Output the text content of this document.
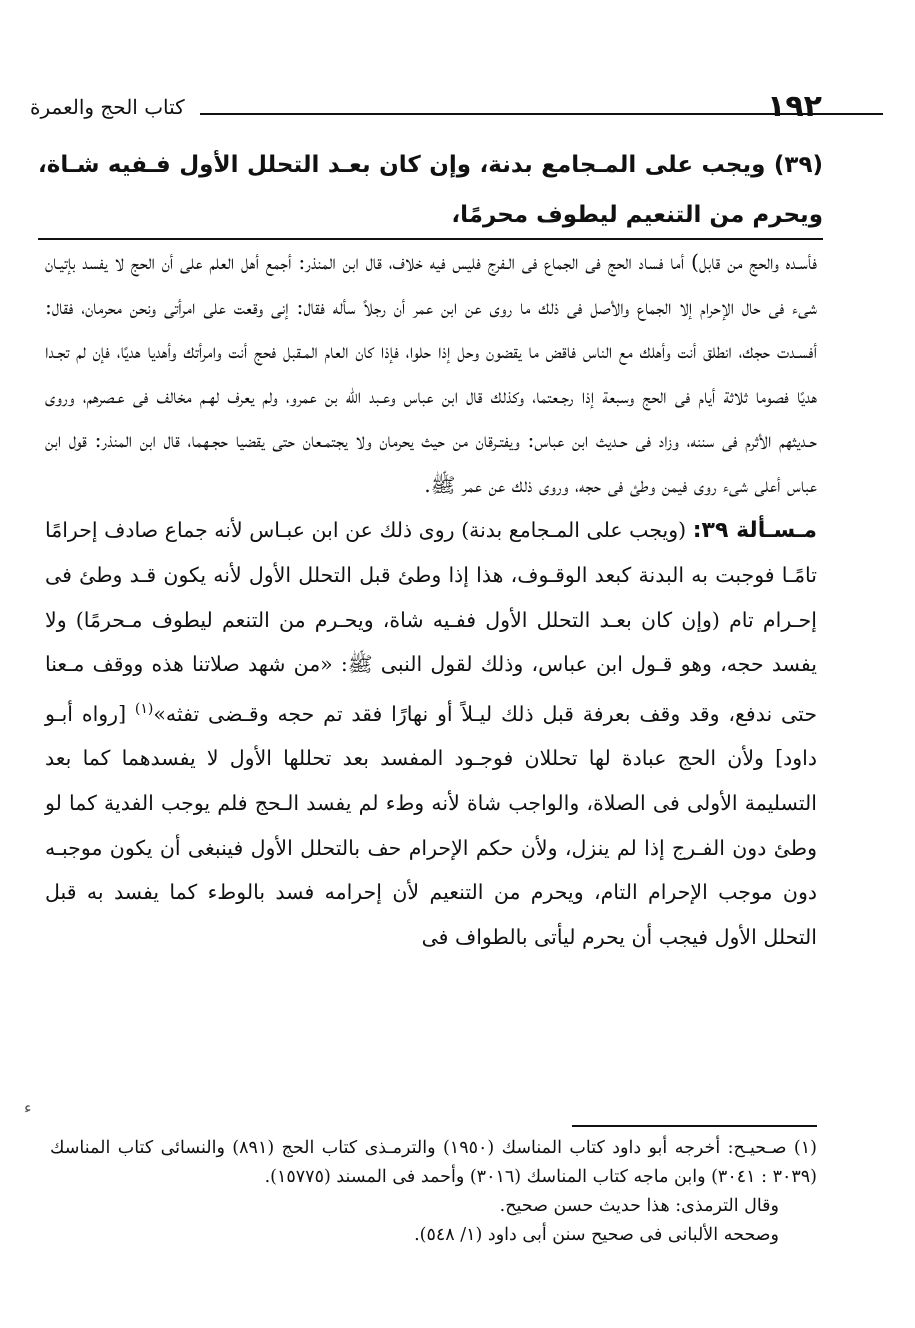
١٩٢
كتاب الحج والعمرة
(٣٩) ويجب على المـجامع بدنة، وإن كان بعـد التحلل الأول فـفيه شـاة، ويحرم من التنعيم ليطوف محرمًا،

فأسـده والحج من قابل) أما فساد الحج فى الجماع فى الـفرج فليس فيه خلاف، قال ابن المنذر: أجمع أهل العلم على أن الحج لا يفسد بإتيـان شىء فى حال الإحرام إلا الجماع والأصل فى ذلك ما روى عن ابن عمر أن رجلاً سأله فقال: إنى وقعت على امرأتى ونحن محرمان، فقال: أفسـدت حجك، انطلق أنت وأهلك مع الناس فاقض ما يقضون وحل إذا حلوا، فإذا كان العام المـقبل فحج أنت وامرأتك وأهديا هديًا، فإن لم تجـدا هديًا فصوما ثلاثة أيام فى الحج وسبعة إذا رجـعتما، وكذلك قال ابن عباس وعـبد الله بن عمرو، ولم يعرف لهـم مخالف فى عـصرهم، وروى حـديثهم الأثرم فى سننه، وزاد فى حـديث ابن عباس: ويفتـرقان من حيث يحرمان ولا يجتمـعان حتى يقضيا حجـهما، قال ابن المنذر: قول ابن عباس أعلى شىء روى فيمن وطئ فى حجه، وروى ذلك عن عمر ﷺ.

مـسـألة ٣٩: (ويجب على المـجامع بدنة) روى ذلك عن ابن عبـاس لأنه جماع صادف إحرامًا تامًـا فوجبت به البدنة كبعد الوقـوف، هذا إذا وطئ قبل التحلل الأول لأنه يكون قـد وطئ فى إحـرام تام (وإن كان بعـد التحلل الأول ففـيه شاة، ويحـرم من التنعم ليطوف مـحرمًا) ولا يفسد حجه، وهو قـول ابن عباس، وذلك لقول النبى ﷺ: «من شهد صلاتنا هذه ووقف مـعنا حتى ندفع، وقد وقف بعرفة قبل ذلك ليـلاً أو نهارًا فقد تم حجه وقـضى تفثه»$^{(١)}$ [رواه أبـو داود] ولأن الحج عبادة لها تحللان فوجـود المفسد بعد تحللها الأول لا يفسدهما كما بعد التسليمة الأولى فى الصلاة، والواجب شاة لأنه وطء لم يفسد الـحج فلم يوجب الفدية كما لو وطئ دون الفـرج إذا لم ينزل، ولأن حكم الإحرام حف بالتحلل الأول فينبغى أن يكون موجبـه دون موجب الإحرام التام، ويحرم من التنعيم لأن إحرامه فسد بالوطء كما يفسد به قبل التحلل الأول فيجب أن يحرم ليأتى بالطواف فى

ﺀ

(١) صـحيـح: أخرجه أبو داود كتاب المناسك (١٩٥٠) والترمـذى كتاب الحج (٨٩١) والنسائى كتاب المناسك (٣٠٣٩ : ٣٠٤١) وابن ماجه كتاب المناسك (٣٠١٦) وأحمد فى المسند (١٥٧٧٥).

وقال الترمذى: هذا حديث حسن صحيح.

وصححه الألبانى فى صحيح سنن أبى داود (١/ ٥٤٨).
